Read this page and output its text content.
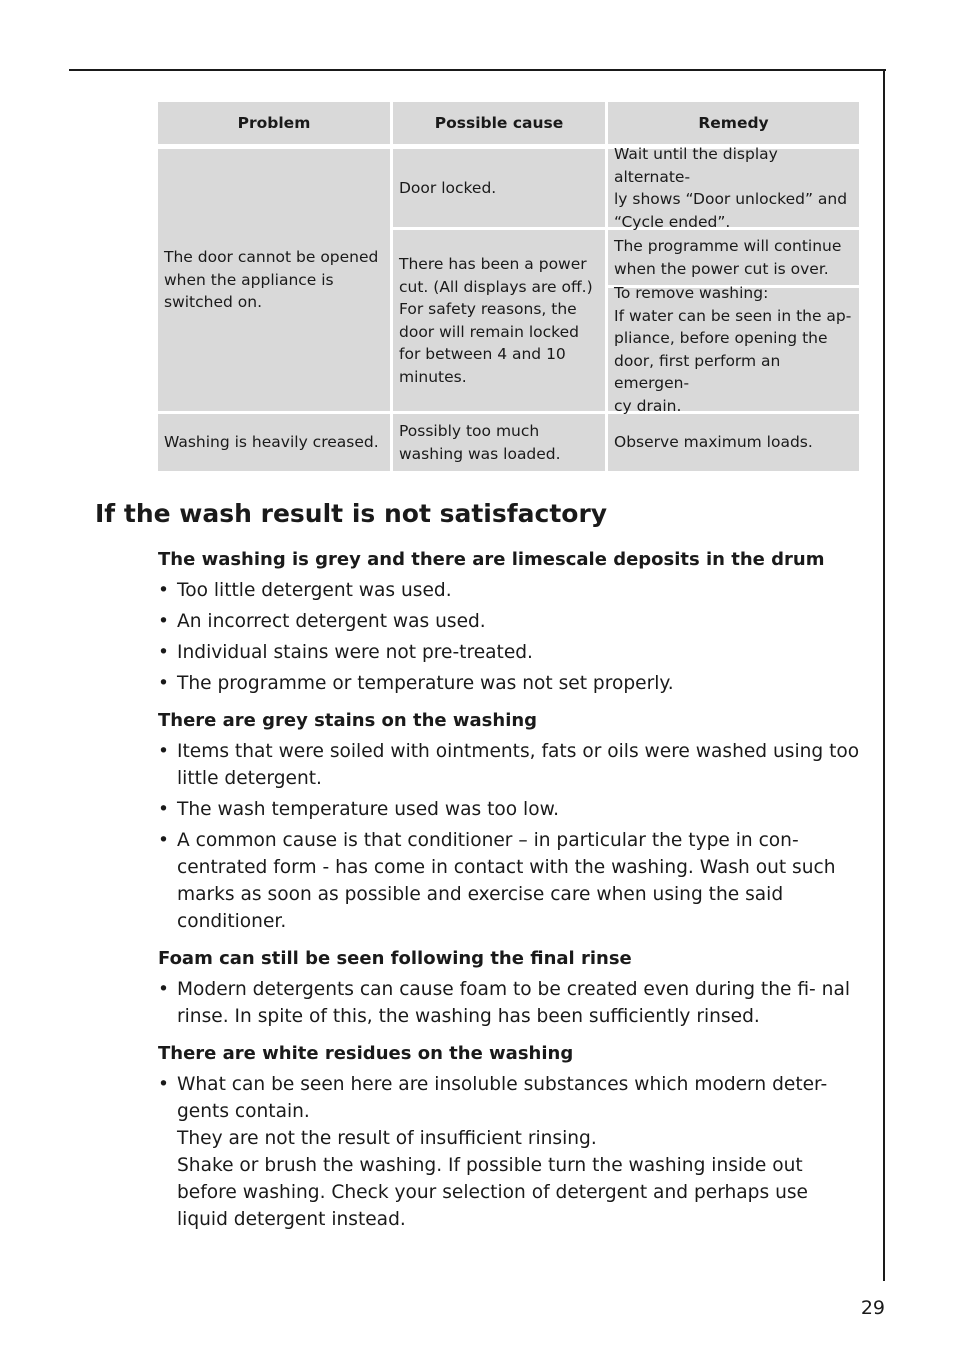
Problem	Possible cause	Remedy
The door cannot be opened when the appliance is switched on.
Door locked.
Wait until the display alternate-
ly shows “Door unlocked” and
“Cycle ended”.
There has been a power
cut. (All displays are off.)
For safety reasons, the
door will remain locked
for between 4 and 10
minutes.
The programme will continue
when the power cut is over.
To remove washing:
If water can be seen in the ap-
pliance, before opening the
door, first perform an emergen-
cy drain.
Washing is heavily creased.
Possibly too much
washing was loaded.
Observe maximum loads.
If the wash result is not satisfactory
The washing is grey and there are limescale deposits in the drum
• Too little detergent was used.
• An incorrect detergent was used.
• Individual stains were not pre-treated.
• The programme or temperature was not set properly.
There are grey stains on the washing
• Items that were soiled with ointments, fats or oils were washed using too little detergent.
• The wash temperature used was too low.
• A common cause is that conditioner – in particular the type in con- centrated form - has come in contact with the washing. Wash out such marks as soon as possible and exercise care when using the said conditioner.
Foam can still be seen following the final rinse
• Modern detergents can cause foam to be created even during the fi- nal rinse. In spite of this, the washing has been sufficiently rinsed.
There are white residues on the washing
• What can be seen here are insoluble substances which modern deter- gents contain.
They are not the result of insufficient rinsing.
Shake or brush the washing. If possible turn the washing inside out before washing. Check your selection of detergent and perhaps use liquid detergent instead.
29
